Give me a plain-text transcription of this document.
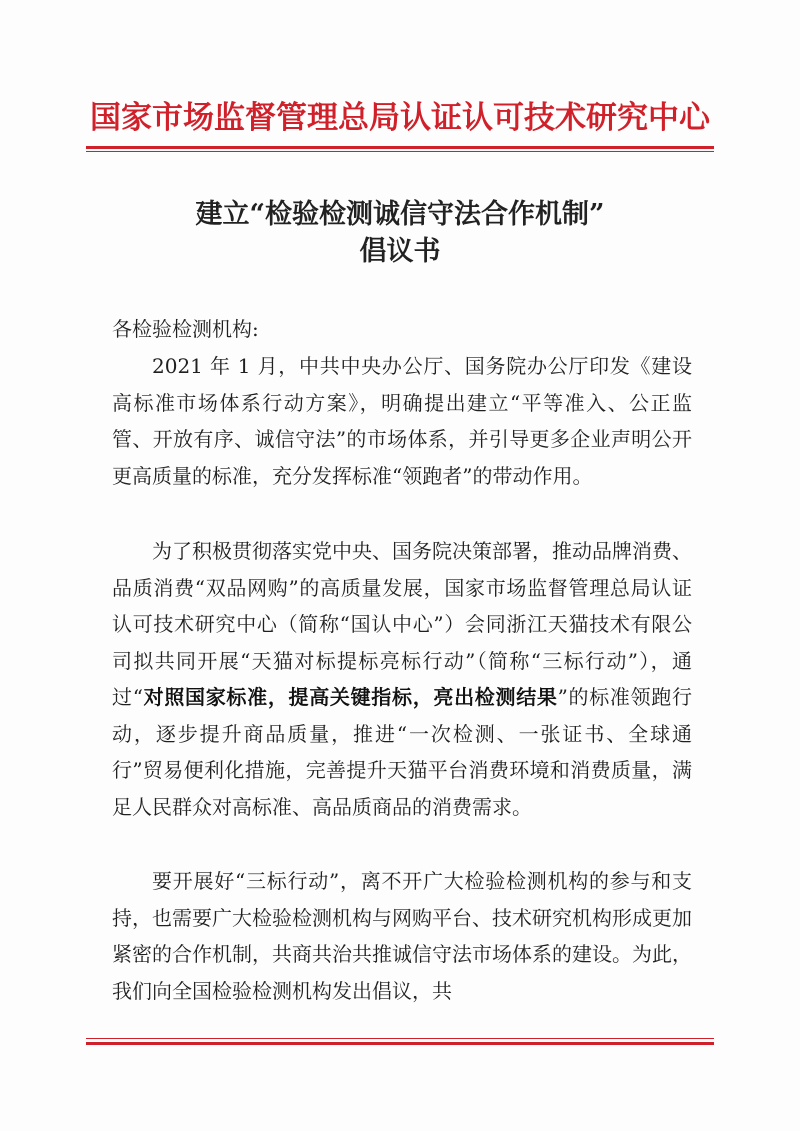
国家市场监督管理总局认证认可技术研究中心
建立“检验检测诚信守法合作机制”
倡议书
各检验检测机构:

2021 年 1 月，中共中央办公厅、国务院办公厅印发《建设高标准市场体系行动方案》，明确提出建立“平等准入、公正监管、开放有序、诚信守法”的市场体系，并引导更多企业声明公开更高质量的标准，充分发挥标准“领跑者”的带动作用。

为了积极贯彻落实党中央、国务院决策部署，推动品牌消费、品质消费“双品网购”的高质量发展，国家市场监督管理总局认证认可技术研究中心（简称“国认中心”）会同浙江天猫技术有限公司拟共同开展“天猫对标提标亮标行动”（简称“三标行动”），通过“对照国家标准，提高关键指标，亮出检测结果”的标准领跑行动，逐步提升商品质量，推进“一次检测、一张证书、全球通行”贸易便利化措施，完善提升天猫平台消费环境和消费质量，满足人民群众对高标准、高品质商品的消费需求。

要开展好“三标行动”，离不开广大检验检测机构的参与和支持，也需要广大检验检测机构与网购平台、技术研究机构形成更加紧密的合作机制，共商共治共推诚信守法市场体系的建设。为此，我们向全国检验检测机构发出倡议，共
